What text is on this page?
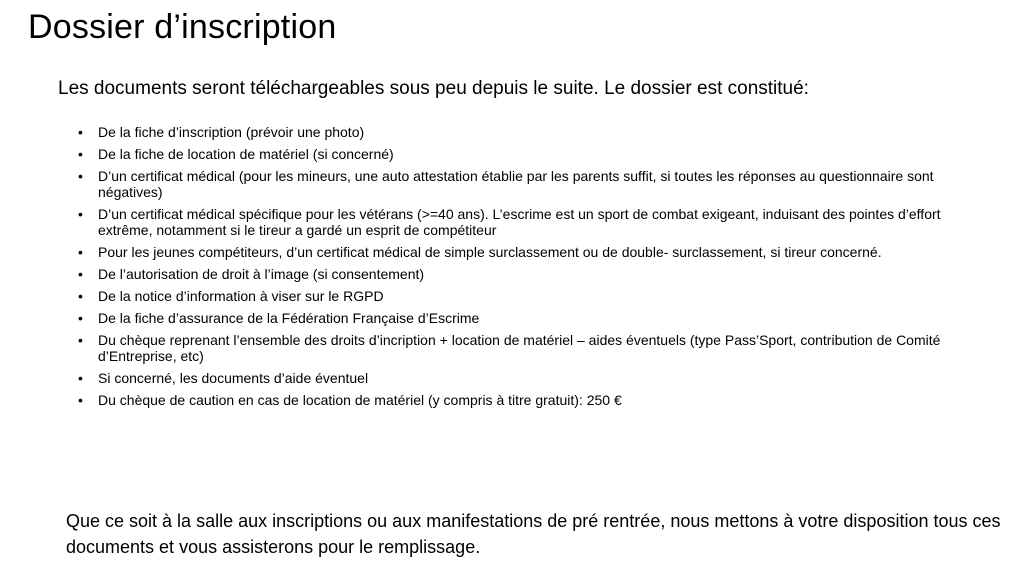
Dossier d’inscription

Les documents seront téléchargeables sous peu depuis le suite. Le dossier est constitué:

• De la fiche d’inscription (prévoir une photo)
• De la fiche de location de matériel (si concerné)
• D’un certificat médical (pour les mineurs, une auto attestation établie par les parents suffit, si toutes les réponses au questionnaire sont négatives)
• D’un certificat médical spécifique pour les vétérans (>=40 ans). L’escrime est un sport de combat exigeant, induisant des pointes d’effort extrême, notamment si le tireur a gardé un esprit de compétiteur
• Pour les jeunes compétiteurs, d’un certificat médical de simple surclassement ou de double- surclassement, si tireur concerné.
• De l’autorisation de droit à l’image (si consentement)
• De la notice d’information à viser sur le RGPD
• De la fiche d’assurance de la Fédération Française d’Escrime
• Du chèque reprenant l’ensemble des droits d’incription + location de matériel – aides éventuels (type Pass’Sport, contribution de Comité d’Entreprise, etc)
• Si concerné, les documents d’aide éventuel
• Du chèque de caution en cas de location de matériel (y compris à titre gratuit): 250 €

Que ce soit à la salle aux inscriptions ou aux manifestations de pré rentrée, nous mettons à votre disposition tous ces documents et vous assisterons pour le remplissage.
